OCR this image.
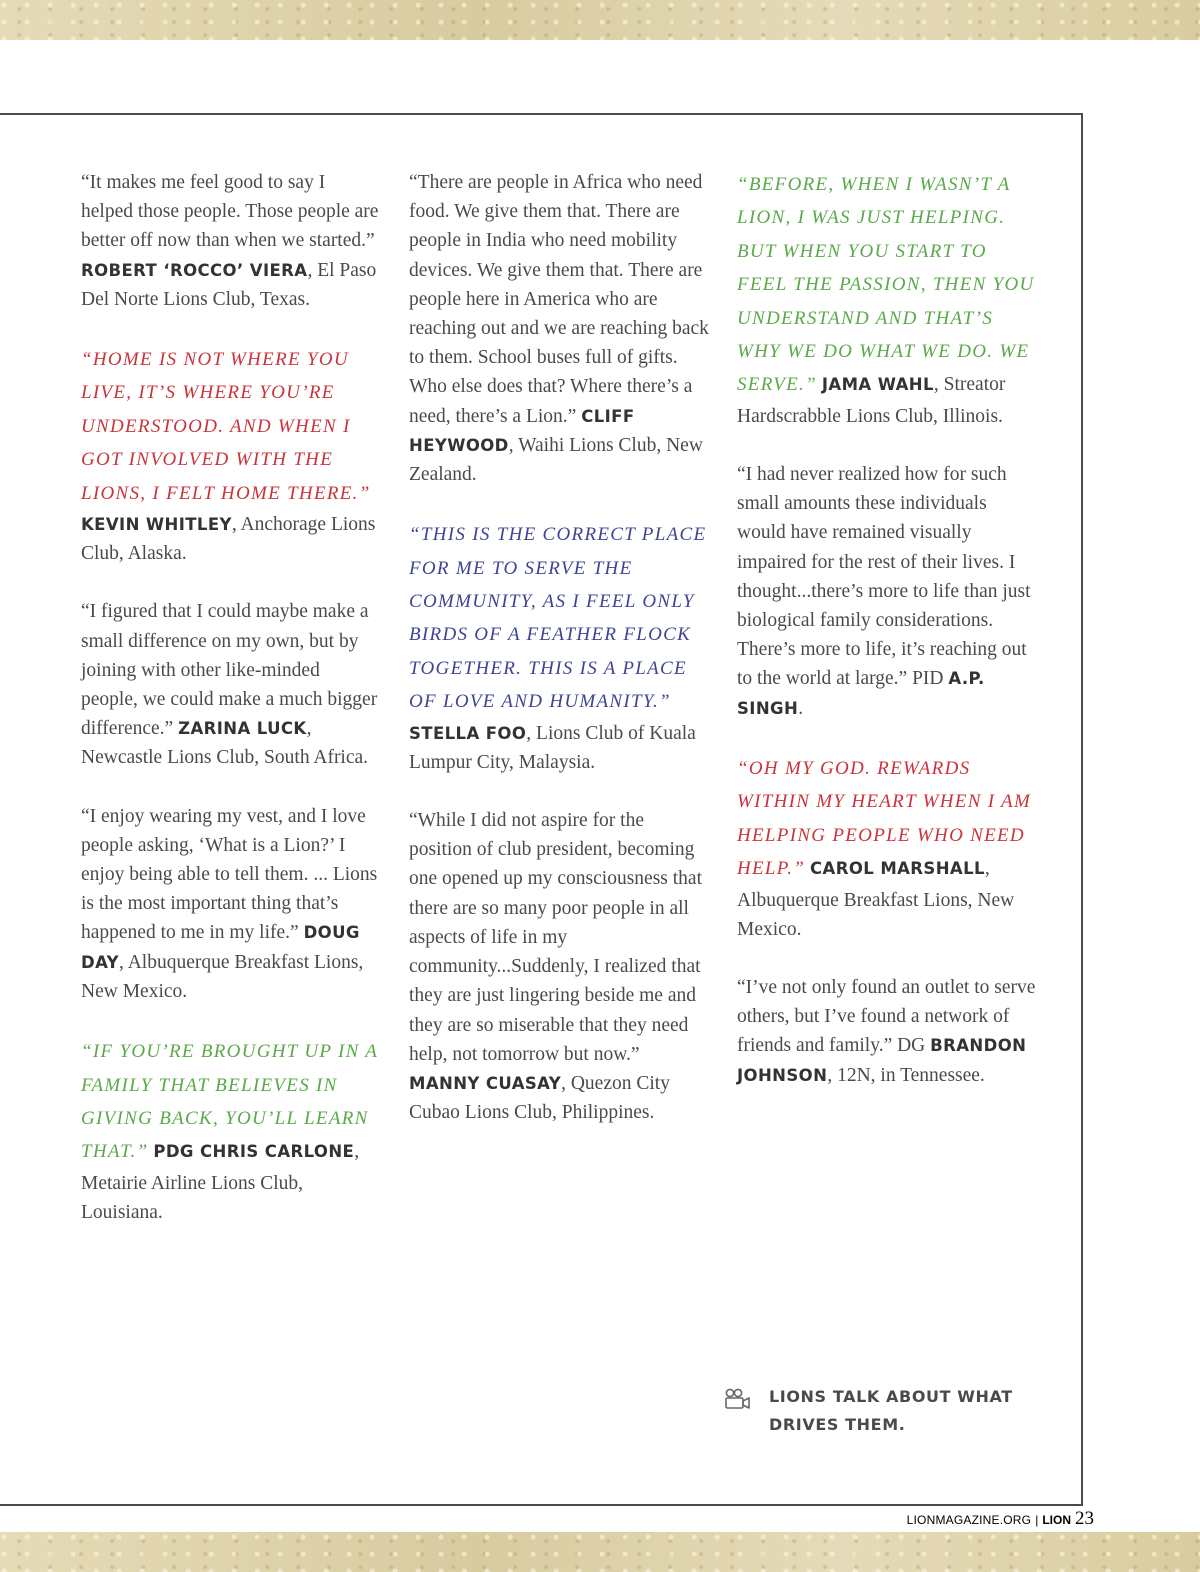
“It makes me feel good to say I helped those people. Those people are better off now than when we started.” ROBERT ‘ROCCO’ VIERA, El Paso Del Norte Lions Club, Texas.

“HOME IS NOT WHERE YOU LIVE, IT’S WHERE YOU’RE UNDERSTOOD. AND WHEN I GOT INVOLVED WITH THE LIONS, I FELT HOME THERE.” KEVIN WHITLEY, Anchorage Lions Club, Alaska.

“I figured that I could maybe make a small difference on my own, but by joining with other like-minded people, we could make a much bigger difference.” ZARINA LUCK, Newcastle Lions Club, South Africa.

“I enjoy wearing my vest, and I love people asking, ‘What is a Lion?’ I enjoy being able to tell them. ... Lions is the most important thing that’s happened to me in my life.” DOUG DAY, Albuquerque Breakfast Lions, New Mexico.

“IF YOU’RE BROUGHT UP IN A FAMILY THAT BELIEVES IN GIVING BACK, YOU’LL LEARN THAT.” PDG CHRIS CARLONE, Metairie Airline Lions Club, Louisiana.

“There are people in Africa who need food. We give them that. There are people in India who need mobility devices. We give them that. There are people here in America who are reaching out and we are reaching back to them. School buses full of gifts. Who else does that? Where there’s a need, there’s a Lion.” CLIFF HEYWOOD, Waihi Lions Club, New Zealand.

“THIS IS THE CORRECT PLACE FOR ME TO SERVE THE COMMUNITY, AS I FEEL ONLY BIRDS OF A FEATHER FLOCK TOGETHER. THIS IS A PLACE OF LOVE AND HUMANITY.” STELLA FOO, Lions Club of Kuala Lumpur City, Malaysia.

“While I did not aspire for the position of club president, becoming one opened up my consciousness that there are so many poor people in all aspects of life in my community...Suddenly, I realized that they are just lingering beside me and they are so miserable that they need help, not tomorrow but now.” MANNY CUASAY, Quezon City Cubao Lions Club, Philippines.

“BEFORE, WHEN I WASN’T A LION, I WAS JUST HELPING. BUT WHEN YOU START TO FEEL THE PASSION, THEN YOU UNDERSTAND AND THAT’S WHY WE DO WHAT WE DO. WE SERVE.” JAMA WAHL, Streator Hardscrabble Lions Club, Illinois.

“I had never realized how for such small amounts these individuals would have remained visually impaired for the rest of their lives. I thought...there’s more to life than just biological family considerations. There’s more to life, it’s reaching out to the world at large.” PID A.P. SINGH.

“OH MY GOD. REWARDS WITHIN MY HEART WHEN I AM HELPING PEOPLE WHO NEED HELP.” CAROL MARSHALL, Albuquerque Breakfast Lions, New Mexico.

“I’ve not only found an outlet to serve others, but I’ve found a network of friends and family.” DG BRANDON JOHNSON, 12N, in Tennessee.

LIONS TALK ABOUT WHAT DRIVES THEM.
LIONMAGAZINE.ORG | LION 23
